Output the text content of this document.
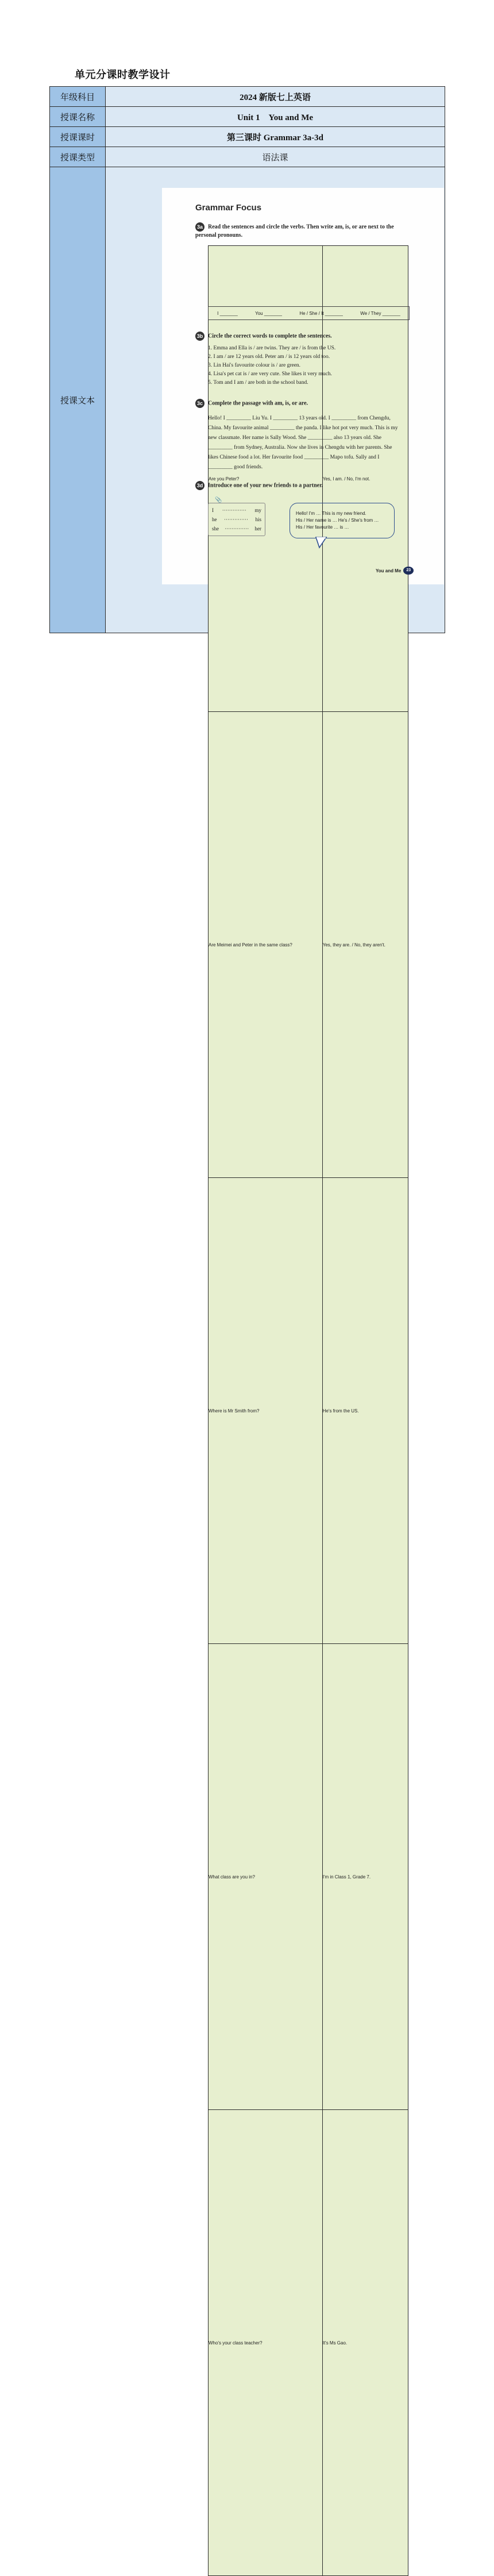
单元分课时教学设计
年级科目	2024 新版七上英语
授课名称	Unit 1　You and Me
授课课时	第三课时 Grammar 3a-3d
授课类型	语法课
授课文本	
Grammar Focus
3a Read the sentences and circle the verbs. Then write am, is, or are next to the personal pronouns.
Are you Peter?	Yes, I am. / No, I'm not.
Are Meimei and Peter in the same class?	Yes, they are. / No, they aren't.
Where is Mr Smith from?	He's from the US.
What class are you in?	I'm in Class 1, Grade 7.
Who's your class teacher?	It's Ms Gao.
I _______	You _______	He / She / It _______	We / They _______
3b Circle the correct words to complete the sentences.
1. Emma and Ella is / are twins. They are / is from the US.
2. I am / are 12 years old. Peter am / is 12 years old too.
3. Lin Hai's favourite colour is / are green.
4. Lisa's pet cat is / are very cute. She likes it very much.
5. Tom and I am / are both in the school band.
3c Complete the passage with am, is, or are.
Hello! I _________ Liu Yu. I _________ 13 years old. I _________ from Chengdu, China. My favourite animal _________ the panda. I like hot pot very much. This is my new classmate. Her name is Sally Wood. She _________ also 13 years old. She _________ from Sydney, Australia. Now she lives in Chengdu with her parents. She likes Chinese food a lot. Her favourite food _________ Mapo tofu. Sally and I _________ good friends.
3d Introduce one of your new friends to a partner.
📎
I ·············· my
he ·············· his
she ·············· her
Hello! I'm … This is my new friend.
His / Her name is … He's / She's from …
His / Her favourite … is …
You and Me	23
